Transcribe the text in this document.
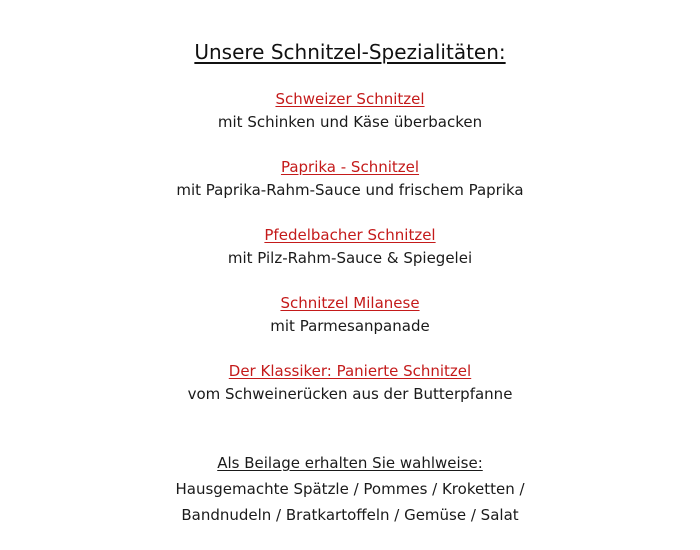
Unsere Schnitzel-Spezialitäten:
Schweizer Schnitzel
mit Schinken und Käse überbacken
Paprika - Schnitzel
mit Paprika-Rahm-Sauce und frischem Paprika
Pfedelbacher Schnitzel
mit Pilz-Rahm-Sauce & Spiegelei
Schnitzel Milanese
mit Parmesanpanade
Der Klassiker: Panierte Schnitzel
vom Schweinerücken aus der Butterpfanne
Als Beilage erhalten Sie wahlweise:
Hausgemachte Spätzle / Pommes / Kroketten /
Bandnudeln / Bratkartoffeln / Gemüse / Salat
